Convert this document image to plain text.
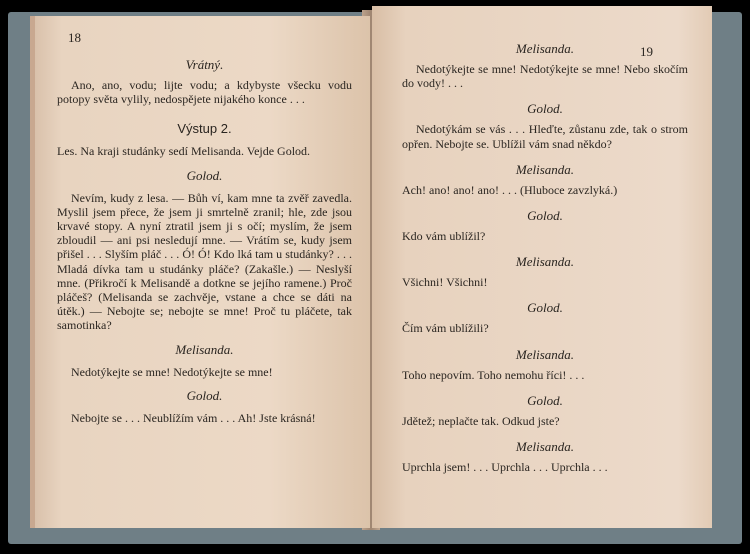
Vrátný.

Ano, ano, vodu; lijte vodu; a kdybyste všecku vodu potopy světa vylily, nedospějete nijakého konce . . .

Výstup 2.

Les. Na kraji studánky sedí Melisanda. Vejde Golod.

Golod.

Nevím, kudy z lesa. — Bůh ví, kam mne ta zvěř zavedla. Myslil jsem přece, že jsem ji smrtelně zranil; hle, zde jsou krvavé stopy. A nyní ztratil jsem ji s očí; myslím, že jsem zbloudil — ani psi nesledují mne. — Vrátím se, kudy jsem přišel . . . Slyším pláč . . . Ó! Ó! Kdo lká tam u studánky? . . . Mladá dívka tam u studánky pláče? (Zakašle.) — Neslyší mne. (Přikročí k Melisandě a dotkne se jejího ramene.) Proč pláčeš? (Melisanda se zachvěje, vstane a chce se dáti na útěk.) — Nebojte se; nebojte se mne! Proč tu pláčete, tak samotinka?

Melisanda.

Nedotýkejte se mne! Nedotýkejte se mne!

Golod.

Nebojte se . . . Neublížím vám . . . Ah! Jste krásná!

Melisanda.

Nedotýkejte se mne! Nedotýkejte se mne! Nebo skočím do vody! . . .

Golod.

Nedotýkám se vás . . . Hleďte, zůstanu zde, tak o strom opřen. Nebojte se. Ublížil vám snad někdo?

Melisanda.

Ach! ano! ano! ano! . . . (Hluboce zavzlyká.)

Golod.

Kdo vám ublížil?

Melisanda.

Všichni! Všichni!

Golod.

Čím vám ublížili?

Melisanda.

Toho nepovím. Toho nemohu říci! . . .

Golod.

Jdětež; neplačte tak. Odkud jste?

Melisanda.

Uprchla jsem! . . . Uprchla . . . Uprchla . . .

18
19
